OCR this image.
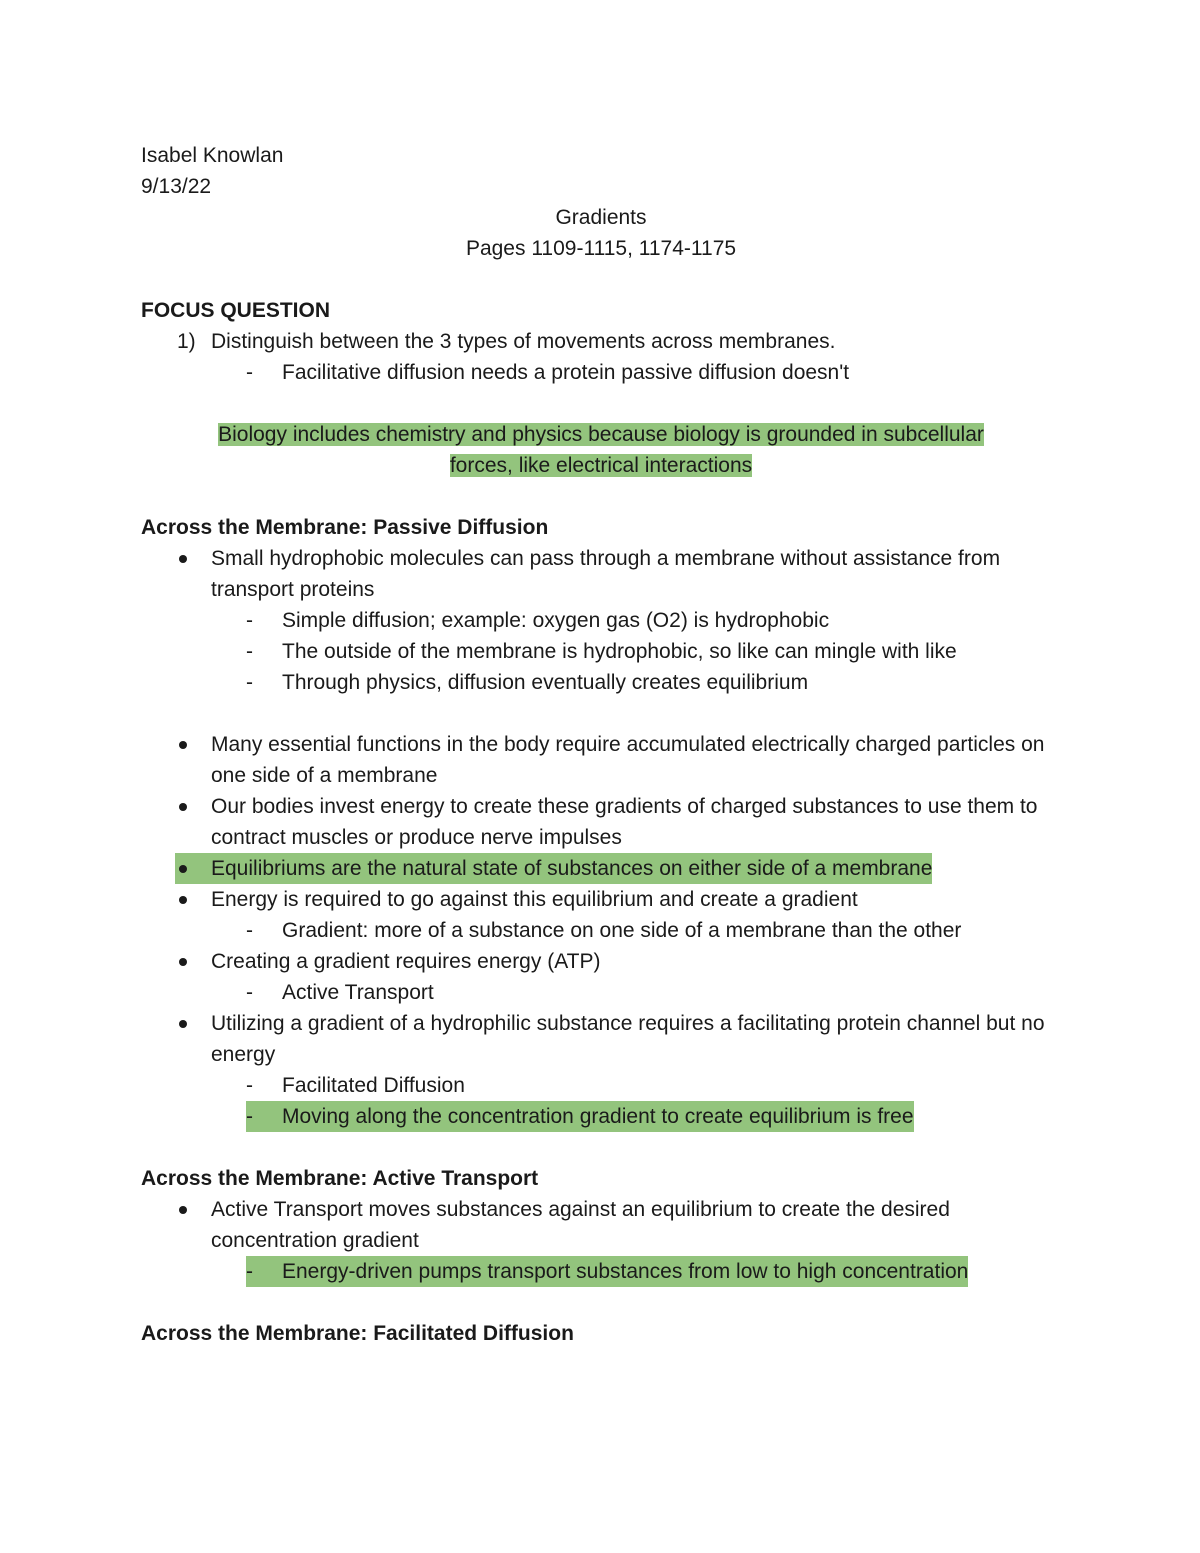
Isabel Knowlan
9/13/22
Gradients
Pages 1109-1115, 1174-1175
FOCUS QUESTION
1) Distinguish between the 3 types of movements across membranes.
- Facilitative diffusion needs a protein passive diffusion doesn't
Biology includes chemistry and physics because biology is grounded in subcellular
forces, like electrical interactions
Across the Membrane: Passive Diffusion
Small hydrophobic molecules can pass through a membrane without assistance from transport proteins
- Simple diffusion; example: oxygen gas (O2) is hydrophobic
- The outside of the membrane is hydrophobic, so like can mingle with like
- Through physics, diffusion eventually creates equilibrium
Many essential functions in the body require accumulated electrically charged particles on one side of a membrane
Our bodies invest energy to create these gradients of charged substances to use them to contract muscles or produce nerve impulses
Equilibriums are the natural state of substances on either side of a membrane
Energy is required to go against this equilibrium and create a gradient
- Gradient: more of a substance on one side of a membrane than the other
Creating a gradient requires energy (ATP)
- Active Transport
Utilizing a gradient of a hydrophilic substance requires a facilitating protein channel but no energy
- Facilitated Diffusion
- Moving along the concentration gradient to create equilibrium is free
Across the Membrane: Active Transport
Active Transport moves substances against an equilibrium to create the desired concentration gradient
- Energy-driven pumps transport substances from low to high concentration
Across the Membrane: Facilitated Diffusion
